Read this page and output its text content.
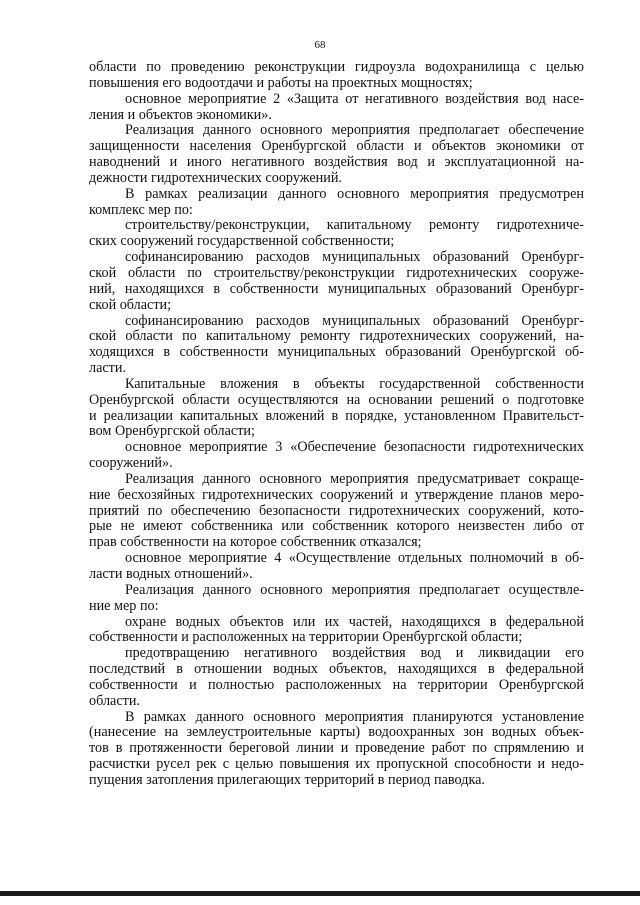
68
области по проведению реконструкции гидроузла водохранилища с целью
повышения его водоотдачи и работы на проектных мощностях;
основное мероприятие 2 «Защита от негативного воздействия вод насе-
ления и объектов экономики».
Реализация данного основного мероприятия предполагает обеспечение
защищенности населения Оренбургской области и объектов экономики от
наводнений и иного негативного воздействия вод и эксплуатационной на-
дежности гидротехнических сооружений.
В рамках реализации данного основного мероприятия предусмотрен
комплекс мер по:
строительству/реконструкции, капитальному ремонту гидротехниче-
ских сооружений государственной собственности;
софинансированию расходов муниципальных образований Оренбург-
ской области по строительству/реконструкции гидротехнических сооруже-
ний, находящихся в собственности муниципальных образований Оренбург-
ской области;
софинансированию расходов муниципальных образований Оренбург-
ской области по капитальному ремонту гидротехнических сооружений, на-
ходящихся в собственности муниципальных образований Оренбургской об-
ласти.
Капитальные вложения в объекты государственной собственности
Оренбургской области осуществляются на основании решений о подготовке
и реализации капитальных вложений в порядке, установленном Правительст-
вом Оренбургской области;
основное мероприятие 3 «Обеспечение безопасности гидротехнических
сооружений».
Реализация данного основного мероприятия предусматривает сокраще-
ние бесхозяйных гидротехнических сооружений и утверждение планов меро-
приятий по обеспечению безопасности гидротехнических сооружений, кото-
рые не имеют собственника или собственник которого неизвестен либо от
прав собственности на которое собственник отказался;
основное мероприятие 4 «Осуществление отдельных полномочий в об-
ласти водных отношений».
Реализация данного основного мероприятия предполагает осуществле-
ние мер по:
охране водных объектов или их частей, находящихся в федеральной
собственности и расположенных на территории Оренбургской области;
предотвращению негативного воздействия вод и ликвидации его
последствий в отношении водных объектов, находящихся в федеральной
собственности и полностью расположенных на территории Оренбургской
области.
В рамках данного основного мероприятия планируются установление
(нанесение на землеустроительные карты) водоохранных зон водных объек-
тов в протяженности береговой линии и проведение работ по спрямлению и
расчистки русел рек с целью повышения их пропускной способности и недо-
пущения затопления прилегающих территорий в период паводка.
